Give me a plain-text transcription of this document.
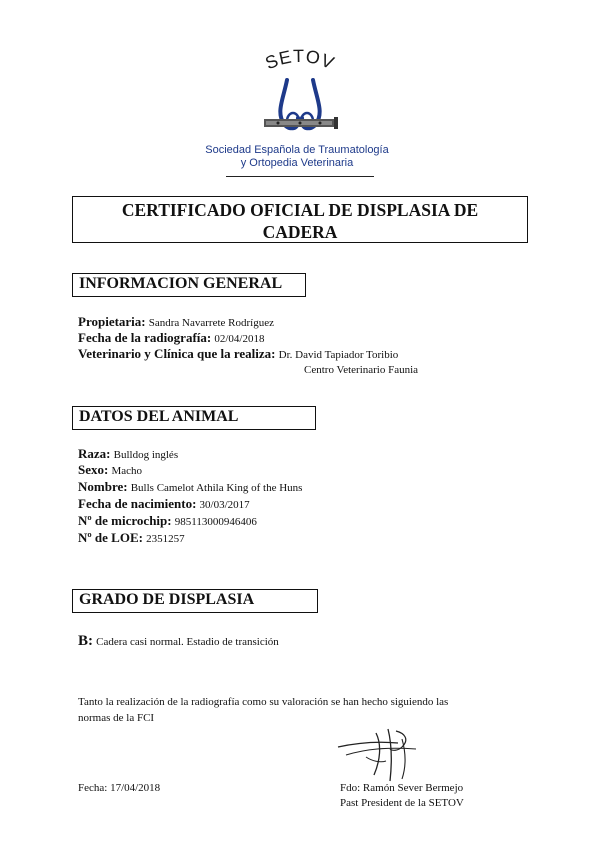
SETOV
Sociedad Española de Traumatología
y Ortopedia Veterinaria
CERTIFICADO OFICIAL DE DISPLASIA DE
CADERA
INFORMACION GENERAL
Propietaria: Sandra Navarrete Rodríguez
Fecha de la radiografía: 02/04/2018
Veterinario y Clínica que la realiza: Dr. David Tapiador Toribio
Centro Veterinario Faunia
DATOS DEL ANIMAL
Raza: Bulldog inglés
Sexo: Macho
Nombre: Bulls Camelot Athila King of the Huns
Fecha de nacimiento: 30/03/2017
Nº de microchip: 985113000946406
Nº de LOE: 2351257
GRADO DE DISPLASIA
B: Cadera casi normal. Estadio de transición
Tanto la realización de la radiografía como su valoración se han hecho siguiendo las
normas de la FCI
Fecha: 17/04/2018	Fdo: Ramón Sever Bermejo
Past President de la SETOV
